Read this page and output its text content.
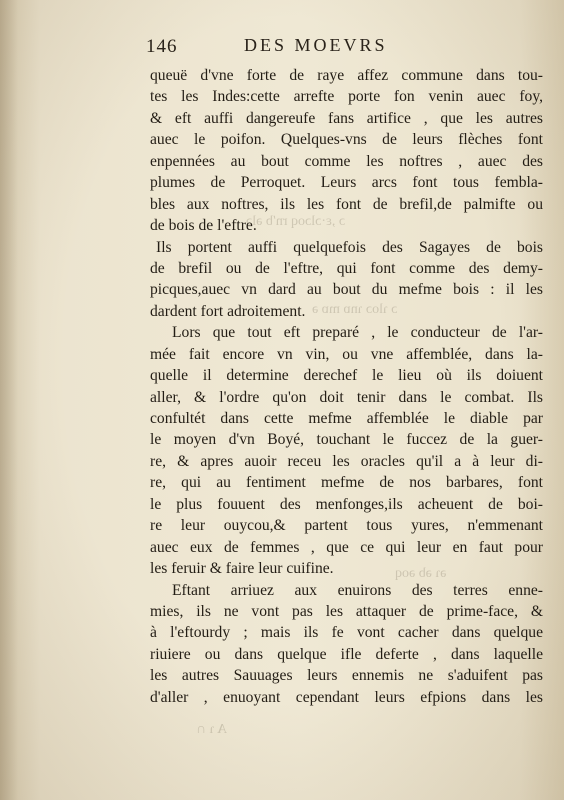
ɔ ,ɛ·ɔlɔoq rnʹb ǝlɔ
ɔ ɿloɔ ɿnɒ mɒ ǝ
ǝɿ ǝb ǝoq
A ɿ ∩
146	DES MOEVRS
queuë d'vne forte de raye affez commune dans tou-
tes les Indes:cette arrefte porte fon venin auec foy,
& eft auffi dangereufe fans artifice , que les autres
auec le poifon. Quelques-vns de leurs flèches font
enpennées au bout comme les noftres , auec des
plumes de Perroquet. Leurs arcs font tous fembla-
bles aux noftres, ils les font de brefil,de palmifte ou
de bois de l'eftre.
Ils portent auffi quelquefois des Sagayes de bois
de brefil ou de l'eftre, qui font comme des demy-
picques,auec vn dard au bout du mefme bois : il les
dardent fort adroitement.
Lors que tout eft preparé , le conducteur de l'ar-
mée fait encore vn vin, ou vne affemblée, dans la-
quelle il determine derechef le lieu où ils doiuent
aller, & l'ordre qu'on doit tenir dans le combat. Ils
confultét dans cette mefme affemblée le diable par
le moyen d'vn Boyé, touchant le fuccez de la guer-
re, & apres auoir receu les oracles qu'il a à leur di-
re, qui au fentiment mefme de nos barbares, font
le plus fouuent des menfonges,ils acheuent de boi-
re leur ouycou,& partent tous yures, n'emmenant
auec eux de femmes , que ce qui leur en faut pour
les feruir & faire leur cuifine.
Eftant arriuez aux enuirons des terres enne-
mies, ils ne vont pas les attaquer de prime-face, &
à l'eftourdy ; mais ils fe vont cacher dans quelque
riuiere ou dans quelque ifle deferte , dans laquelle
les autres Sauuages leurs ennemis ne s'aduifent pas
d'aller , enuoyant cependant leurs efpions dans les
